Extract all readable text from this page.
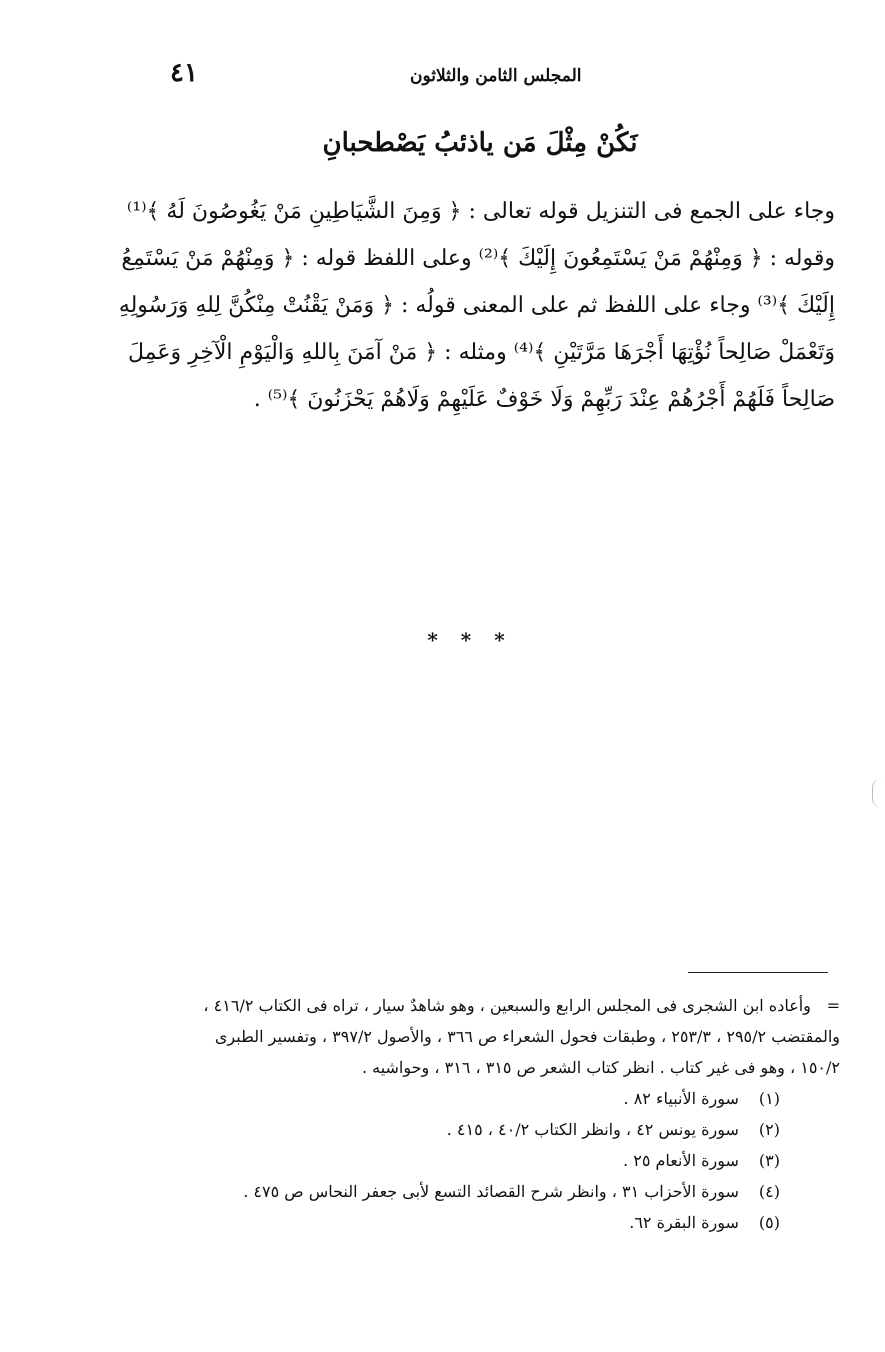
٤١	المجلس الثامن والثلاثون
نَكُنْ مِثْلَ مَن ياذئبُ يَصْطحبانِ
وجاء على الجمع فى التنزيل قوله تعالى : ﴿ وَمِنَ الشَّيَاطِينِ مَنْ يَغُوصُونَ لَهُ ﴾⁽¹⁾
وقوله : ﴿ وَمِنْهُمْ مَنْ يَسْتَمِعُونَ إِلَيْكَ ﴾⁽²⁾ وعلى اللفظ قوله : ﴿ وَمِنْهُمْ مَنْ يَسْتَمِعُ
إِلَيْكَ ﴾⁽³⁾ وجاء على اللفظ ثم على المعنى قولُه : ﴿ وَمَنْ يَقْنُتْ مِنْكُنَّ لِلهِ وَرَسُولِهِ
وَتَعْمَلْ صَالِحاً نُؤْتِهَا أَجْرَهَا مَرَّتَيْنِ ﴾⁽⁴⁾ ومثله : ﴿ مَنْ آمَنَ بِاللهِ وَالْيَوْمِ الْآخِرِ وَعَمِلَ
صَالِحاً فَلَهُمْ أَجْرُهُمْ عِنْدَ رَبِّهِمْ وَلَا خَوْفٌ عَلَيْهِمْ وَلَاهُمْ يَحْزَنُونَ ﴾⁽⁵⁾ .
* * *
= وأعاده ابن الشجرى فى المجلس الرابع والسبعين ، وهو شاهدٌ سيار ، تراه فى الكتاب ٤١٦/٢ ،
والمقتضب ٢٩٥/٢ ، ٢٥٣/٣ ، وطبقات فحول الشعراء ص ٣٦٦ ، والأصول ٣٩٧/٢ ، وتفسير الطبرى
١٥٠/٢ ، وهو فى غير كتاب . انظر كتاب الشعر ص ٣١٥ ، ٣١٦ ، وحواشيه .
(١) سورة الأنبياء ٨٢ .
(٢) سورة يونس ٤٢ ، وانظر الكتاب ٤٠/٢ ، ٤١٥ .
(٣) سورة الأنعام ٢٥ .
(٤) سورة الأحزاب ٣١ ، وانظر شرح القصائد التسع لأبى جعفر النحاس ص ٤٧٥ .
(٥) سورة البقرة ٦٢.
